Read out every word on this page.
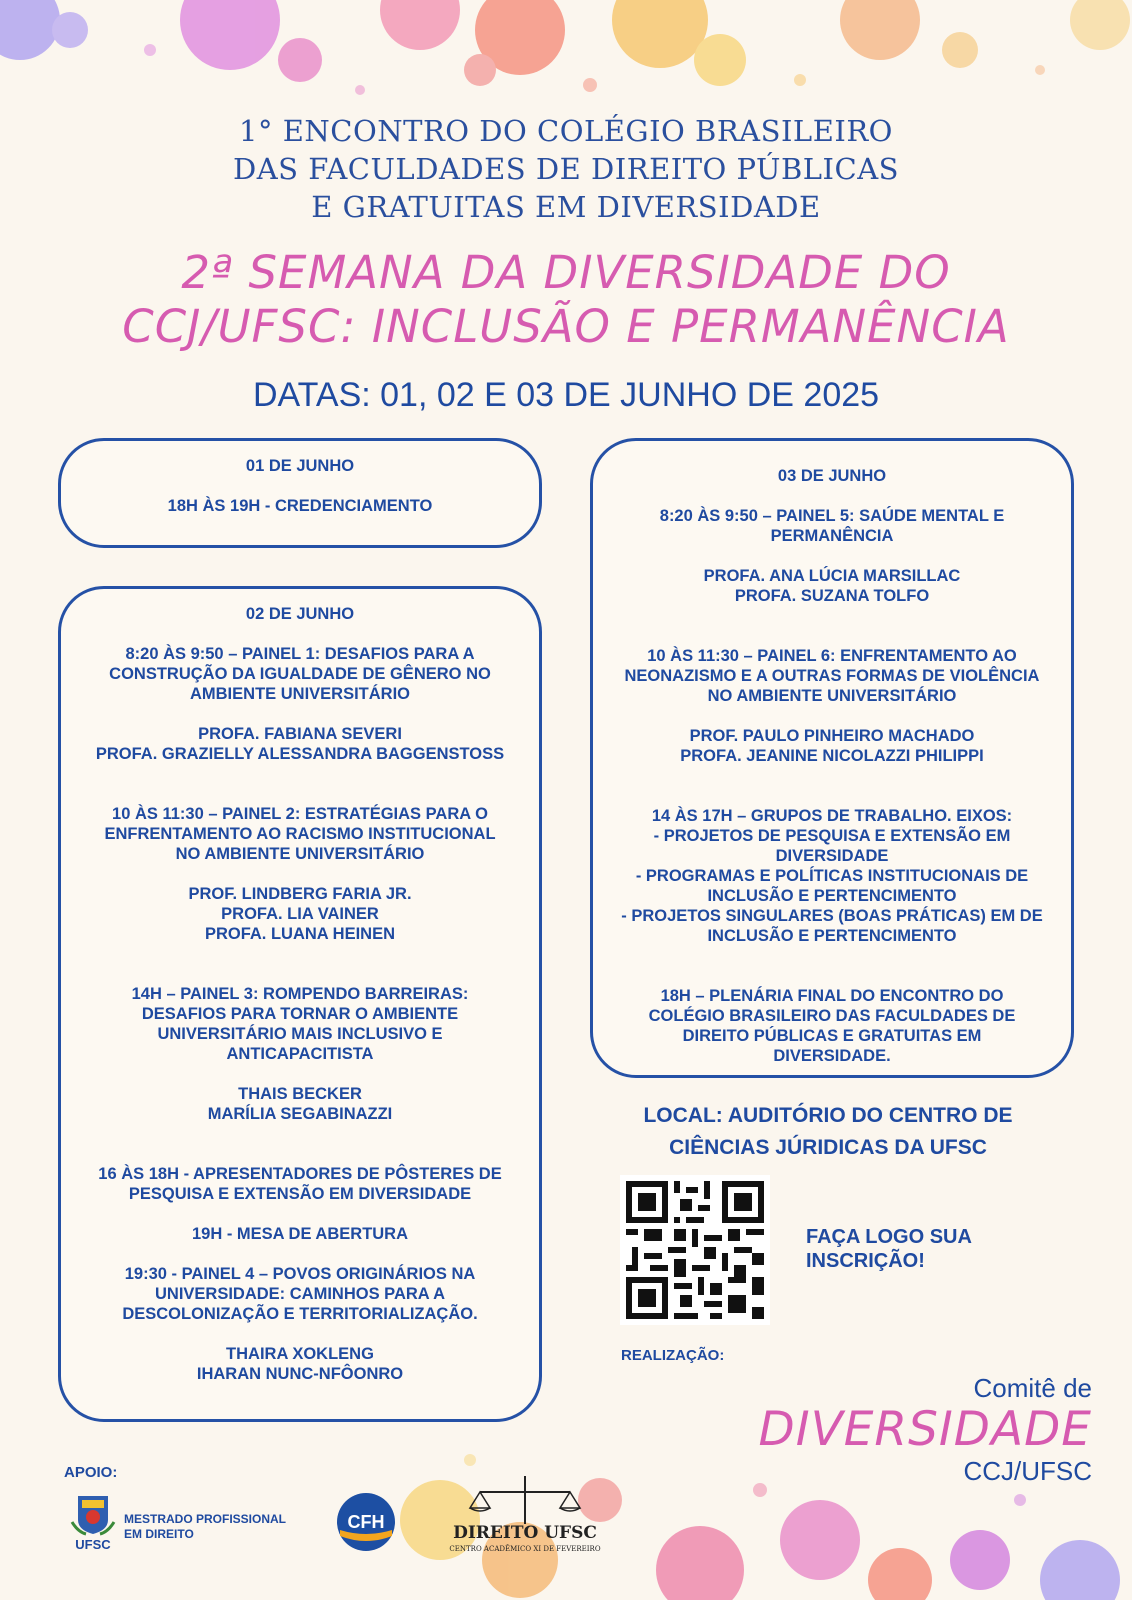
1° ENCONTRO DO COLÉGIO BRASILEIRO
DAS FACULDADES DE DIREITO PÚBLICAS
E GRATUITAS EM DIVERSIDADE
2ª SEMANA DA DIVERSIDADE DO
CCJ/UFSC: INCLUSÃO E PERMANÊNCIA
DATAS: 01, 02 E 03 DE JUNHO DE 2025

01 DE JUNHO

18H ÀS 19H - CREDENCIAMENTO

02 DE JUNHO

8:20 ÀS 9:50 – PAINEL 1: DESAFIOS PARA A

CONSTRUÇÃO DA IGUALDADE DE GÊNERO NO

AMBIENTE UNIVERSITÁRIO

PROFA. FABIANA SEVERI

PROFA. GRAZIELLY ALESSANDRA BAGGENSTOSS

10 ÀS 11:30 – PAINEL 2: ESTRATÉGIAS PARA O

ENFRENTAMENTO AO RACISMO INSTITUCIONAL

NO AMBIENTE UNIVERSITÁRIO

PROF. LINDBERG FARIA JR.

PROFA. LIA VAINER

PROFA. LUANA HEINEN

14H – PAINEL 3: ROMPENDO BARREIRAS:

DESAFIOS PARA TORNAR O AMBIENTE

UNIVERSITÁRIO MAIS INCLUSIVO E

ANTICAPACITISTA

THAIS BECKER

MARÍLIA SEGABINAZZI

16 ÀS 18H - APRESENTADORES DE PÔSTERES DE

PESQUISA E EXTENSÃO EM DIVERSIDADE

19H - MESA DE ABERTURA

19:30 - PAINEL 4 – POVOS ORIGINÁRIOS NA

UNIVERSIDADE: CAMINHOS PARA A

DESCOLONIZAÇÃO E TERRITORIALIZAÇÃO.

THAIRA XOKLENG

IHARAN NUNC-NFÔONRO

03 DE JUNHO

8:20 ÀS 9:50 – PAINEL 5: SAÚDE MENTAL E

PERMANÊNCIA

PROFA. ANA LÚCIA MARSILLAC

PROFA. SUZANA TOLFO

10 ÀS 11:30 – PAINEL 6: ENFRENTAMENTO AO

NEONAZISMO E A OUTRAS FORMAS DE VIOLÊNCIA

NO AMBIENTE UNIVERSITÁRIO

PROF. PAULO PINHEIRO MACHADO

PROFA. JEANINE NICOLAZZI PHILIPPI

14 ÀS 17H – GRUPOS DE TRABALHO. EIXOS:

- PROJETOS DE PESQUISA E EXTENSÃO EM

DIVERSIDADE

- PROGRAMAS E POLÍTICAS INSTITUCIONAIS DE

INCLUSÃO E PERTENCIMENTO

- PROJETOS SINGULARES (BOAS PRÁTICAS) EM DE

INCLUSÃO E PERTENCIMENTO

18H – PLENÁRIA FINAL DO ENCONTRO DO

COLÉGIO BRASILEIRO DAS FACULDADES DE

DIREITO PÚBLICAS E GRATUITAS EM

DIVERSIDADE.

LOCAL: AUDITÓRIO DO CENTRO DE
CIÊNCIAS JÚRIDICAS DA UFSC
FAÇA LOGO SUA
INSCRIÇÃO!
REALIZAÇÃO:
Comitê de
DIVERSIDADE
CCJ/UFSC
APOIO:
UFSC
MESTRADO PROFISSIONAL
EM DIREITO
CFH
DIREITO UFSC
CENTRO ACADÊMICO XI DE FEVEREIRO
